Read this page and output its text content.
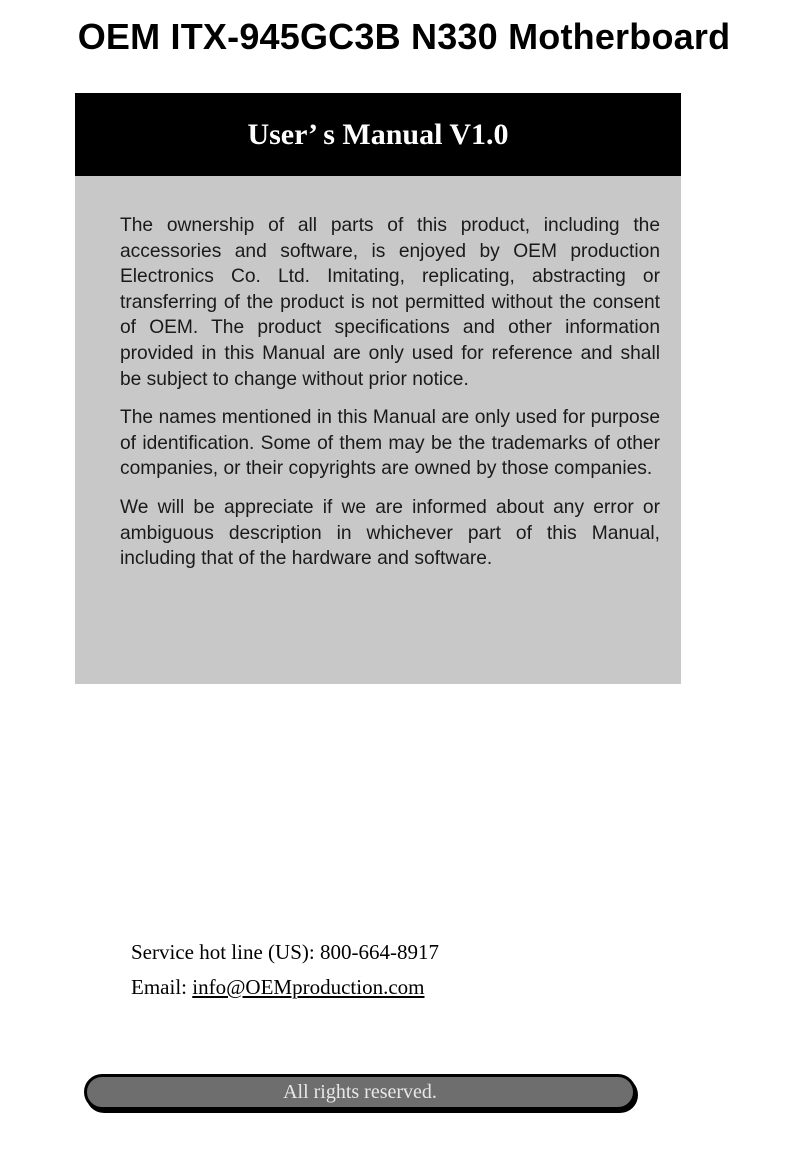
OEM ITX-945GC3B N330 Motherboard
User’ s Manual V1.0

The ownership of all parts of this product, including the accessories and software, is enjoyed by OEM production Electronics Co. Ltd. Imitating, replicating, abstracting or transferring of the product is not permitted without the consent of OEM. The product specifications and other information provided in this Manual are only used for reference and shall be subject to change without prior notice.

The names mentioned in this Manual are only used for purpose of identification. Some of them may be the trademarks of other companies, or their copyrights are owned by those companies.

We will be appreciate if we are informed about any error or ambiguous description in whichever part of this Manual, including that of the hardware and software.

Service hot line (US): 800-664-8917
Email: info@OEMproduction.com
All rights reserved.
